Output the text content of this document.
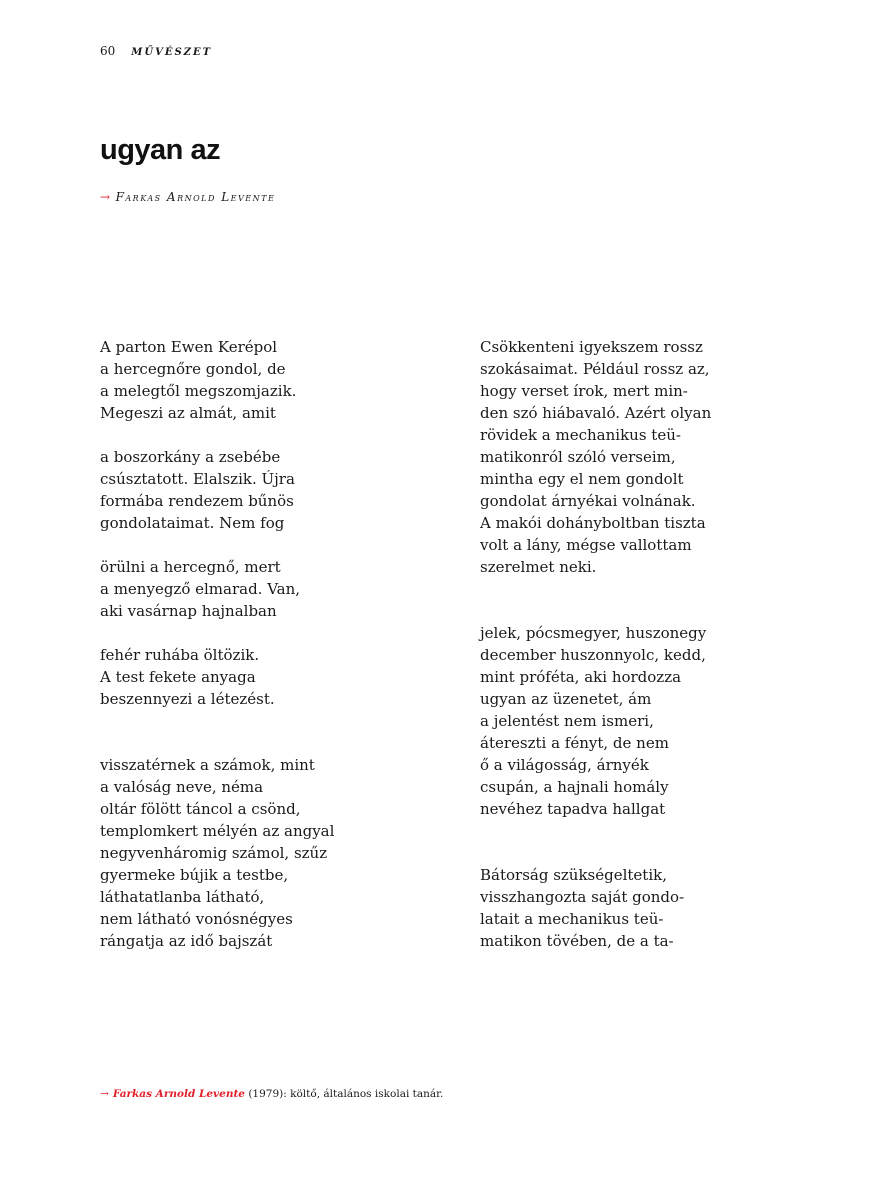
60 MŰVÉSZET
ugyan az
→ Farkas Arnold Levente
A parton Ewen Kerépol
a hercegnőre gondol, de
a melegtől megszomjazik.
Megeszi az almát, amit
a boszorkány a zsebébe
csúsztatott. Elalszik. Újra
formába rendezem bűnös
gondolataimat. Nem fog
örülni a hercegnő, mert
a menyegző elmarad. Van,
aki vasárnap hajnalban
fehér ruhába öltözik.
A test fekete anyaga
beszennyezi a létezést.
visszatérnek a számok, mint
a valóság neve, néma
oltár fölött táncol a csönd,
templomkert mélyén az angyal
negyvenháromig számol, szűz
gyermeke bújik a testbe,
láthatatlanba látható,
nem látható vonósnégyes
rángatja az idő bajszát
Csökkenteni igyekszem rossz
szokásaimat. Például rossz az,
hogy verset írok, mert min-
den szó hiábavaló. Azért olyan
rövidek a mechanikus teü-
matikonról szóló verseim,
mintha egy el nem gondolt
gondolat árnyékai volnának.
A makói dohányboltban tiszta
volt a lány, mégse vallottam
szerelmet neki.
jelek, pócsmegyer, huszonegy
december huszonnyolc, kedd,
mint próféta, aki hordozza
ugyan az üzenetet, ám
a jelentést nem ismeri,
átereszti a fényt, de nem
ő a világosság, árnyék
csupán, a hajnali homály
nevéhez tapadva hallgat
Bátorság szükségeltetik,
visszhangozta saját gondo-
latait a mechanikus teü-
matikon tövében, de a ta-
→ Farkas Arnold Levente (1979): költő, általános iskolai tanár.
